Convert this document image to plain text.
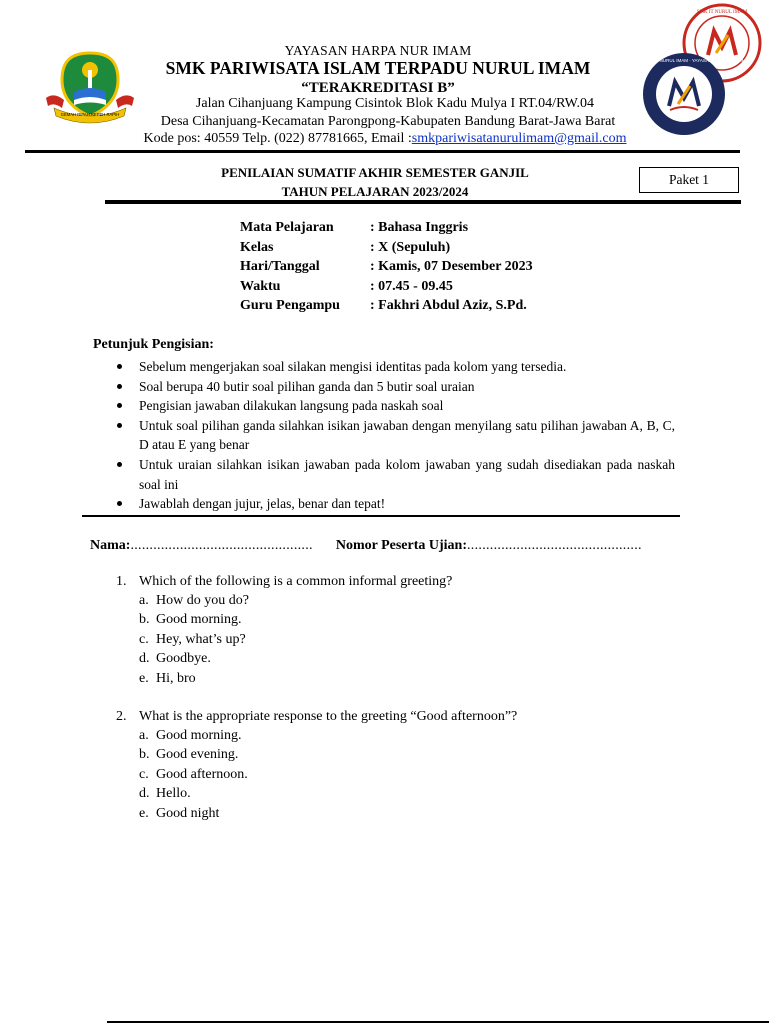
GEMAH RIPAH REPEH RAPIH
SMK IT NURUL IMAM
SMK PARIWISATA IT NURUL IMAM · YAYASAN HARPA NUR IMAM
YAYASAN HARPA NUR IMAM
SMK PARIWISATA ISLAM TERPADU NURUL IMAM
“TERAKREDITASI B”
Jalan Cihanjuang Kampung Cisintok Blok Kadu Mulya I RT.04/RW.04
Desa Cihanjuang-Kecamatan Parongpong-Kabupaten Bandung Barat-Jawa Barat
Kode pos: 40559 Telp. (022) 87781665, Email :smkpariwisatanurulimam@gmail.com
PENILAIAN SUMATIF AKHIR SEMESTER GANJIL
TAHUN PELAJARAN 2023/2024
Paket 1
Mata Pelajaran	: Bahasa Inggris
Kelas	: X (Sepuluh)
Hari/Tanggal	: Kamis, 07 Desember 2023
Waktu	: 07.45 - 09.45
Guru Pengampu	: Fakhri Abdul Aziz, S.Pd.
Petunjuk Pengisian:
Sebelum mengerjakan soal silakan mengisi identitas pada kolom yang tersedia.
Soal berupa 40 butir soal pilihan ganda dan 5 butir soal uraian
Pengisian jawaban dilakukan langsung pada naskah soal
Untuk soal pilihan ganda silahkan isikan jawaban dengan menyilang satu pilihan jawaban A, B, C, D atau E yang benar
Untuk uraian silahkan isikan jawaban pada kolom jawaban yang sudah disediakan pada naskah soal ini
Jawablah dengan jujur, jelas, benar dan tepat!
Nama:................................................ Nomor Peserta Ujian:..............................................
1. Which of the following is a common informal greeting?
a. How do you do?
b. Good morning.
c. Hey, what’s up?
d. Goodbye.
e. Hi, bro
2. What is the appropriate response to the greeting “Good afternoon”?
a. Good morning.
b. Good evening.
c. Good afternoon.
d. Hello.
e. Good night
